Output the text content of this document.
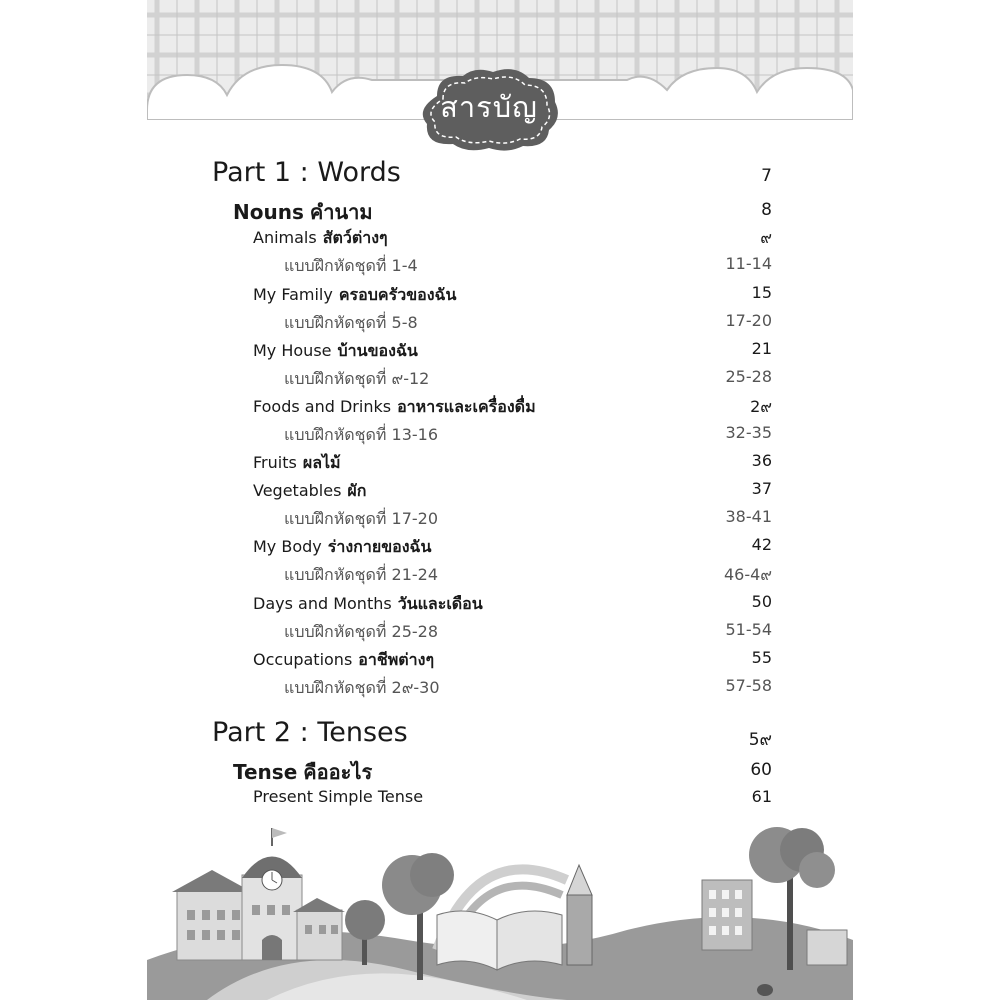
สารบัญ
Part 1 : Words	7
Nouns คำนาม	8
Animals สัตว์ต่างๆ	๙
แบบฝึกหัดชุดที่ 1-4	11-14
My Family ครอบครัวของฉัน	15
แบบฝึกหัดชุดที่ 5-8	17-20
My House บ้านของฉัน	21
แบบฝึกหัดชุดที่ ๙-12	25-28
Foods and Drinks อาหารและเครื่องดื่ม	2๙
แบบฝึกหัดชุดที่ 13-16	32-35
Fruits ผลไม้	36
Vegetables ผัก	37
แบบฝึกหัดชุดที่ 17-20	38-41
My Body ร่างกายของฉัน	42
แบบฝึกหัดชุดที่ 21-24	46-4๙
Days and Months วันและเดือน	50
แบบฝึกหัดชุดที่ 25-28	51-54
Occupations อาชีพต่างๆ	55
แบบฝึกหัดชุดที่ 2๙-30	57-58
Part 2 : Tenses	5๙
Tense คืออะไร	60
Present Simple Tense	61
